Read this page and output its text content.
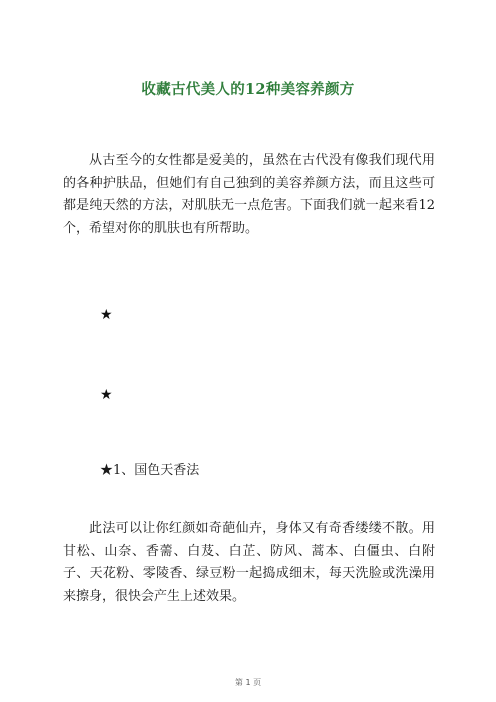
收藏古代美人的12种美容养颜方

从古至今的女性都是爱美的，虽然在古代没有像我们现代用的各种护肤品，但她们有自己独到的美容养颜方法，而且这些可都是纯天然的方法，对肌肤无一点危害。下面我们就一起来看12个，希望对你的肌肤也有所帮助。

★
★
★1、国色天香法

此法可以让你红颜如奇葩仙卉，身体又有奇香缕缕不散。用甘松、山奈、香薷、白芨、白芷、防风、蒿本、白僵虫、白附子、天花粉、零陵香、绿豆粉一起捣成细末，每天洗脸或洗澡用来擦身，很快会产生上述效果。

第 1 页
